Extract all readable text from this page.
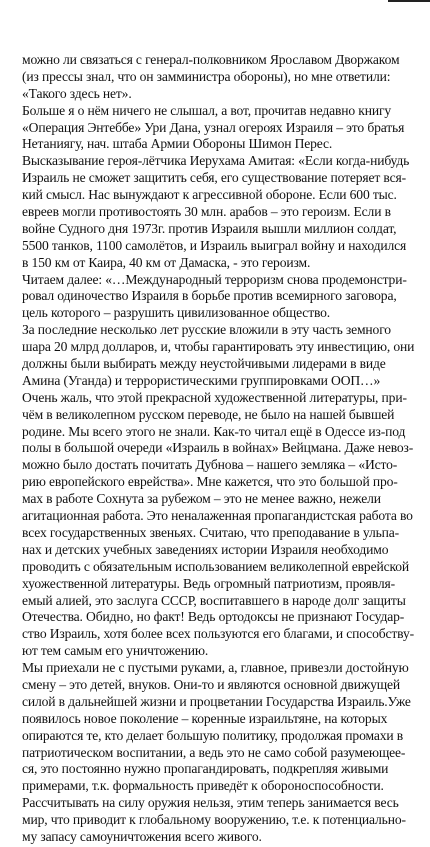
можно ли связаться с генерал-полковником Ярославом Дворжаком
(из прессы знал, что он замминистра обороны), но мне ответили:
«Такого здесь нет».
Больше я о нём ничего не слышал, а вот, прочитав недавно книгу
«Операция Энтеббе» Ури Дана, узнал огероях Израиля – это братья
Нетаниягу, нач. штаба Армии Обороны Шимон Перес.
Высказывание героя-лётчика Иерухама Амитая: «Если когда-нибудь
Израиль не сможет защитить себя, его существование потеряет вся-
кий смысл. Нас вынуждают к агрессивной обороне. Если 600 тыс.
евреев могли противостоять 30 млн. арабов – это героизм. Если в
войне Судного дня 1973г. против Израиля вышли миллион солдат,
5500 танков, 1100 самолётов, и Израиль выиграл войну и находился
в 150 км от Каира, 40 км от Дамаска, - это героизм.
Читаем далее: «…Международный терроризм снова продемонстри-
ровал одиночество Израиля в борьбе против всемирного заговора,
цель которого – разрушить цивилизованное общество.
За последние несколько лет русские вложили в эту часть земного
шара 20 млрд долларов, и, чтобы гарантировать эту инвестицию, они
должны были выбирать между неустойчивыми лидерами в виде
Амина (Уганда) и террористическими группировками ООП…»
Очень жаль, что этой прекрасной художественной литературы, при-
чём в великолепном русском переводе, не было на нашей бывшей
родине. Мы всего этого не знали. Как-то читал ещё в Одессе из-под
полы в большой очереди «Израиль в войнах» Вейцмана. Даже невоз-
можно было достать почитать Дубнова – нашего земляка – «Исто-
рию европейского еврейства». Мне кажется, что это большой про-
мах в работе Сохнута за рубежом – это не менее важно, нежели
агитационная работа. Это неналаженная пропагандистская работа во
всех государственных звеньях. Считаю, что преподавание в ульпа-
нах и детских учебных заведениях истории Израиля необходимо
проводить с обязательным использованием великолепной еврейской
хуожественной литературы. Ведь огромный патриотизм, проявля-
емый алией, это заслуга СССР, воспитавшего в народе долг защиты
Отечества. Обидно, но факт! Ведь ортодоксы не признают Государ-
ство Израиль, хотя более всех пользуются его благами, и способству-
ют тем самым его уничтожению.
Мы приехали не с пустыми руками, а, главное, привезли достойную
смену – это детей, внуков. Они-то и являются основной движущей
силой в дальнейшей жизни и процветании Государства Израиль.Уже
появилось новое поколение – коренные израильтяне, на которых
опираются те, кто делает большую политику, продолжая промахи в
патриотическом воспитании, а ведь это не само собой разумеющее-
ся, это постоянно нужно пропагандировать, подкрепляя живыми
примерами, т.к. формальность приведёт к обороноспособности.
Рассчитывать на силу оружия нельзя, этим теперь занимается весь
мир, что приводит к глобальному вооружению, т.е. к потенциально-
му запасу самоуничтожения всего живого.
